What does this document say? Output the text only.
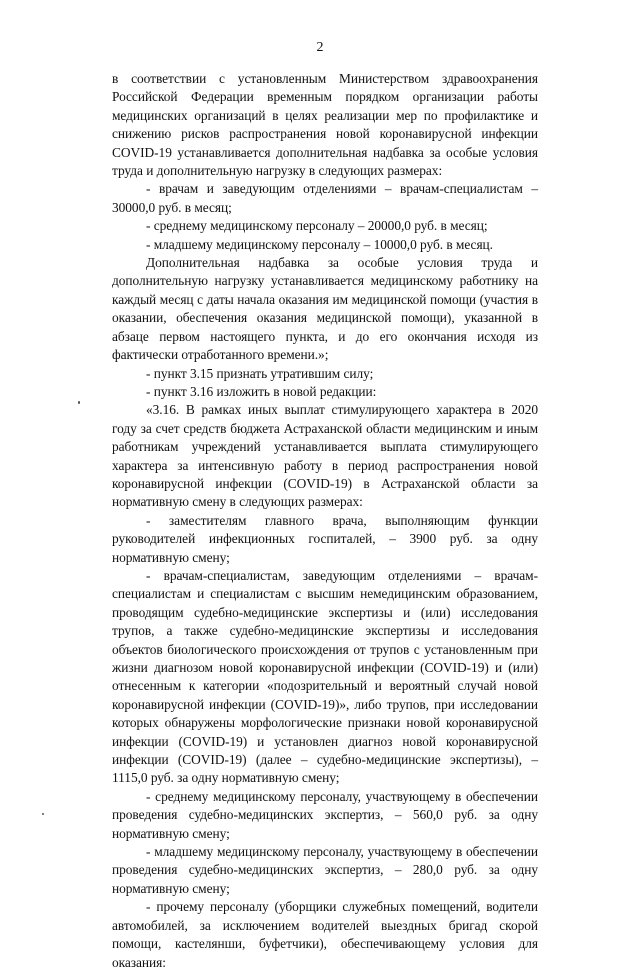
2

в соответствии с установленным Министерством здравоохранения Российской Федерации временным порядком организации работы медицинских организаций в целях реализации мер по профилактике и снижению рисков распространения новой коронавирусной инфекции COVID-19 устанавливается дополнительная надбавка за особые условия труда и дополнительную нагрузку в следующих размерах:

- врачам и заведующим отделениями – врачам-специалистам – 30000,0 руб. в месяц;

- среднему медицинскому персоналу – 20000,0 руб. в месяц;

- младшему медицинскому персоналу – 10000,0 руб. в месяц.

Дополнительная надбавка за особые условия труда и дополнительную нагрузку устанавливается медицинскому работнику на каждый месяц с даты начала оказания им медицинской помощи (участия в оказании, обеспечения оказания медицинской помощи), указанной в абзаце первом настоящего пункта, и до его окончания исходя из фактически отработанного времени.»;

- пункт 3.15 признать утратившим силу;

- пункт 3.16 изложить в новой редакции:

«3.16. В рамках иных выплат стимулирующего характера в 2020 году за счет средств бюджета Астраханской области медицинским и иным работникам учреждений устанавливается выплата стимулирующего характера за интенсивную работу в период распространения новой коронавирусной инфекции (COVID-19) в Астраханской области за нормативную смену в следующих размерах:

- заместителям главного врача, выполняющим функции руководителей инфекционных госпиталей, – 3900 руб. за одну нормативную смену;

- врачам-специалистам, заведующим отделениями – врачам-специалистам и специалистам с высшим немедицинским образованием, проводящим судебно-медицинские экспертизы и (или) исследования трупов, а также судебно-медицинские экспертизы и исследования объектов биологического происхождения от трупов с установленным при жизни диагнозом новой коронавирусной инфекции (COVID-19) и (или) отнесенным к категории «подозрительный и вероятный случай новой коронавирусной инфекции (COVID-19)», либо трупов, при исследовании которых обнаружены морфологические признаки новой коронавирусной инфекции (COVID-19) и установлен диагноз новой коронавирусной инфекции (COVID-19) (далее – судебно-медицинские экспертизы), – 1115,0 руб. за одну нормативную смену;

- среднему медицинскому персоналу, участвующему в обеспечении проведения судебно-медицинских экспертиз, – 560,0 руб. за одну нормативную смену;

- младшему медицинскому персоналу, участвующему в обеспечении проведения судебно-медицинских экспертиз, – 280,0 руб. за одну нормативную смену;

- прочему персоналу (уборщики служебных помещений, водители автомобилей, за исключением водителей выездных бригад скорой помощи, кастелянши, буфетчики), обеспечивающему условия для оказания:
